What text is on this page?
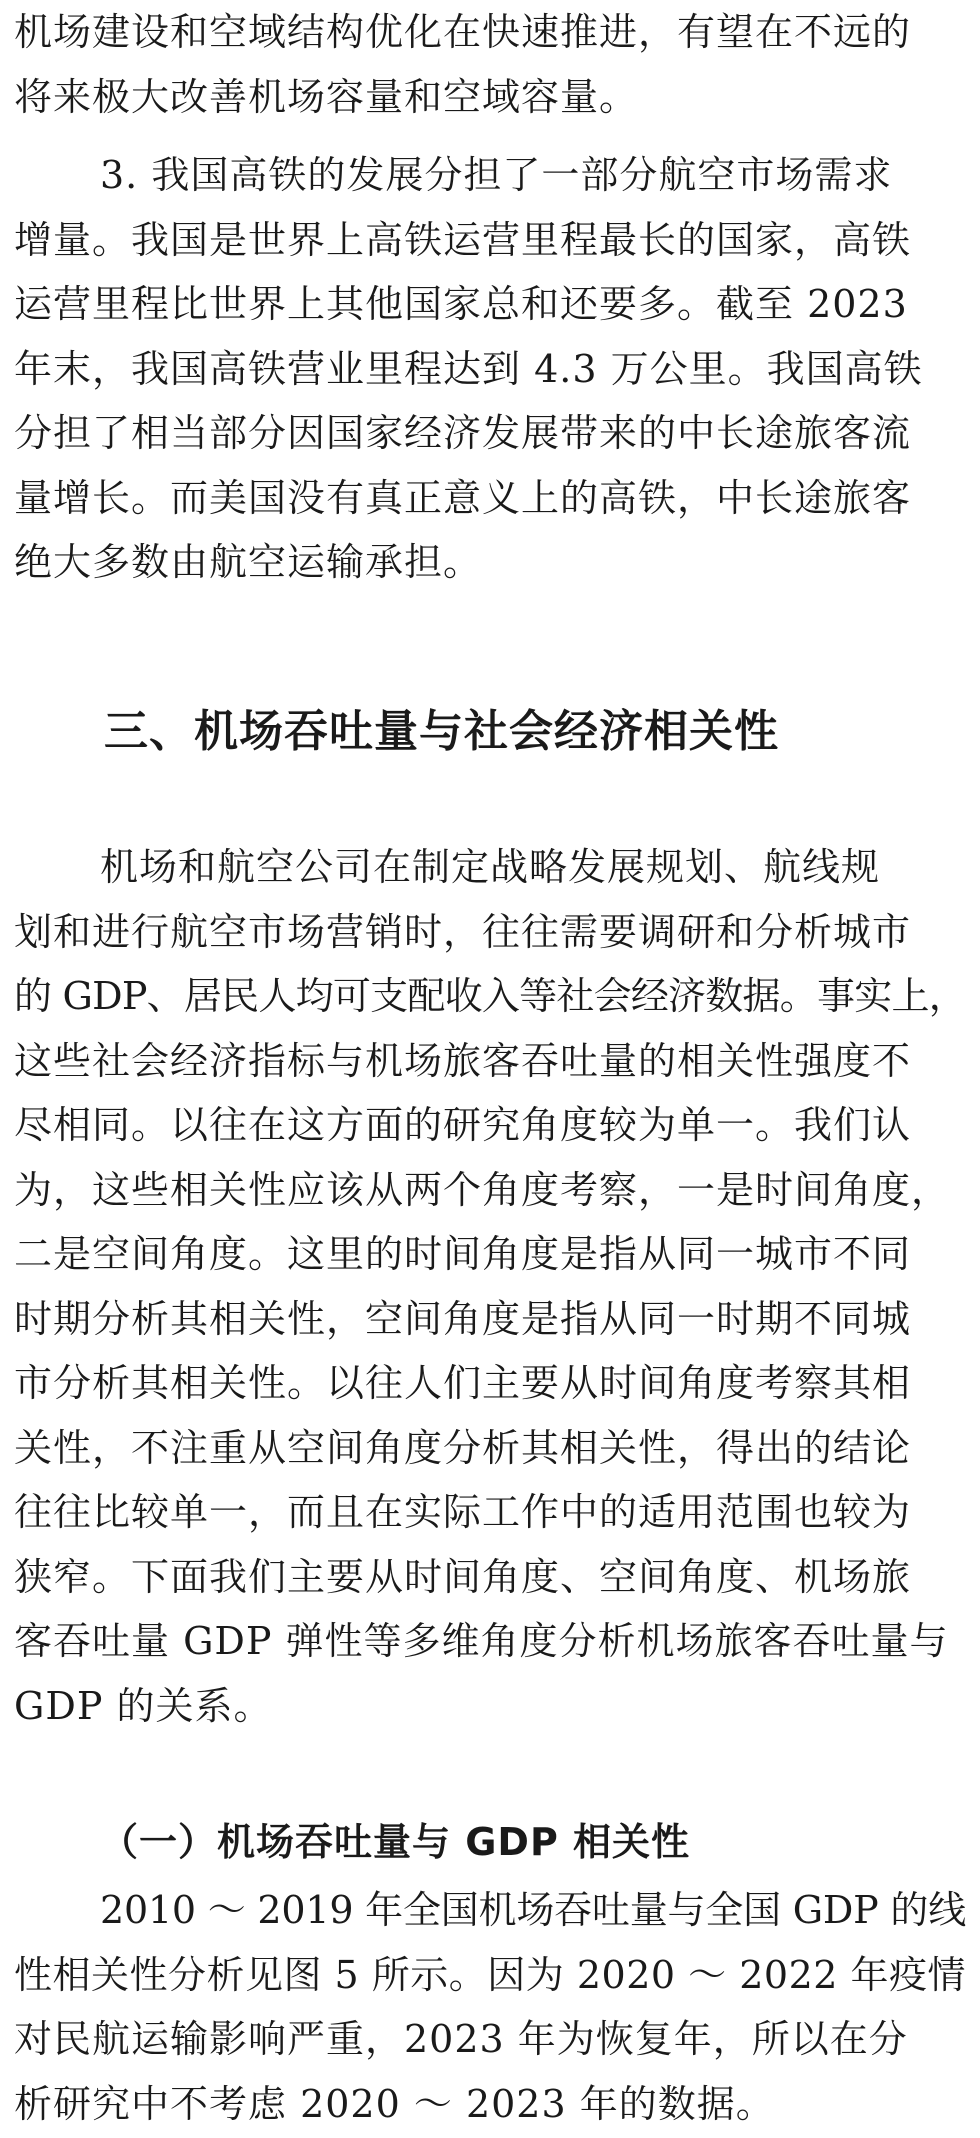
机场建设和空域结构优化在快速推进，有望在不远的
将来极大改善机场容量和空域容量。
3. 我国高铁的发展分担了一部分航空市场需求
增量。我国是世界上高铁运营里程最长的国家，高铁
运营里程比世界上其他国家总和还要多。截至 2023
年末，我国高铁营业里程达到 4.3 万公里。我国高铁
分担了相当部分因国家经济发展带来的中长途旅客流
量增长。而美国没有真正意义上的高铁，中长途旅客
绝大多数由航空运输承担。
三、机场吞吐量与社会经济相关性
机场和航空公司在制定战略发展规划、航线规
划和进行航空市场营销时，往往需要调研和分析城市
的 GDP、居民人均可支配收入等社会经济数据。事实上，
这些社会经济指标与机场旅客吞吐量的相关性强度不
尽相同。以往在这方面的研究角度较为单一。我们认
为，这些相关性应该从两个角度考察，一是时间角度，
二是空间角度。这里的时间角度是指从同一城市不同
时期分析其相关性，空间角度是指从同一时期不同城
市分析其相关性。以往人们主要从时间角度考察其相
关性，不注重从空间角度分析其相关性，得出的结论
往往比较单一，而且在实际工作中的适用范围也较为
狭窄。下面我们主要从时间角度、空间角度、机场旅
客吞吐量 GDP 弹性等多维角度分析机场旅客吞吐量与
GDP 的关系。
（一）机场吞吐量与 GDP 相关性
2010 ～ 2019 年全国机场吞吐量与全国 GDP 的线
性相关性分析见图 5 所示。因为 2020 ～ 2022 年疫情
对民航运输影响严重，2023 年为恢复年，所以在分
析研究中不考虑 2020 ～ 2023 年的数据。
